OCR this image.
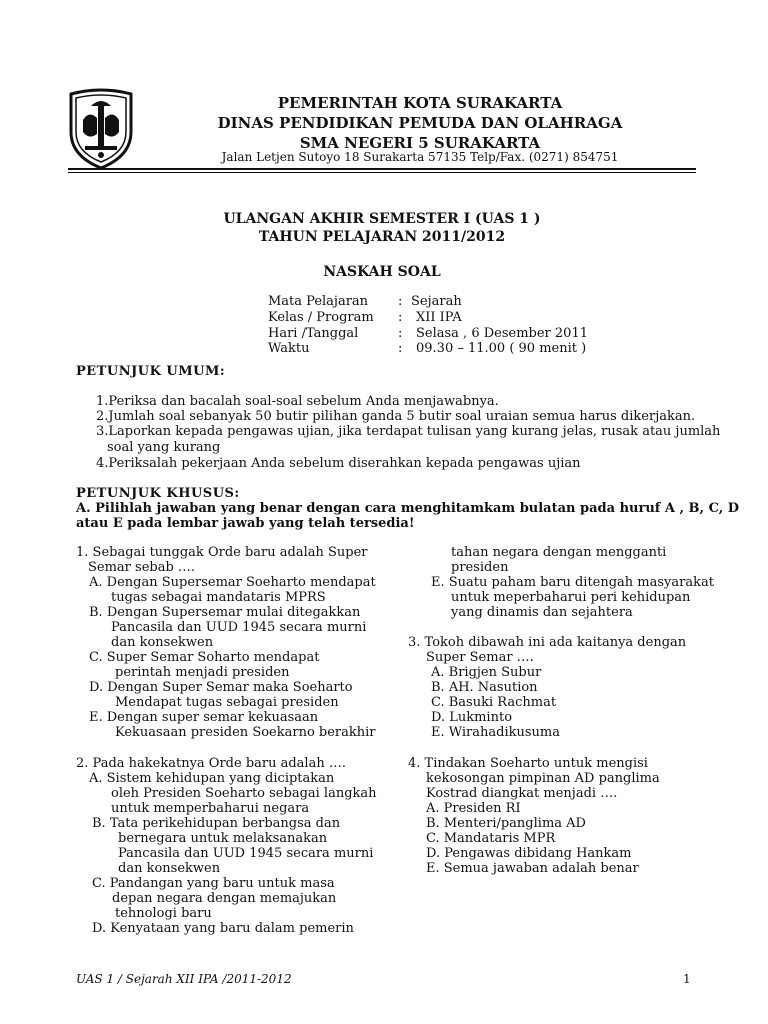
PEMERINTAH KOTA SURAKARTA
DINAS PENDIDIKAN PEMUDA DAN OLAHRAGA
SMA NEGERI 5 SURAKARTA
Jalan Letjen Sutoyo 18 Surakarta 57135 Telp/Fax. (0271) 854751
ULANGAN AKHIR SEMESTER I (UAS 1 )
TAHUN PELAJARAN 2011/2012
NASKAH SOAL
Mata Pelajaran : Sejarah
Kelas / Program : XII IPA
Hari /Tanggal	: Selasa , 6 Desember 2011
Waktu	: 09.30 – 11.00 ( 90 menit )
PETUNJUK UMUM:
1.Periksa dan bacalah soal-soal sebelum Anda menjawabnya.
2.Jumlah soal sebanyak 50 butir pilihan ganda 5 butir soal uraian semua harus dikerjakan.
3.Laporkan kepada pengawas ujian, jika terdapat tulisan yang kurang jelas, rusak atau jumlah
soal yang kurang
4.Periksalah pekerjaan Anda sebelum diserahkan kepada pengawas ujian
PETUNJUK KHUSUS:
A. Pilihlah jawaban yang benar dengan cara menghitamkam bulatan pada huruf A , B, C, D
atau E pada lembar jawab yang telah tersedia!
1. Sebagai tunggak Orde baru adalah Super
Semar sebab ….
A. Dengan Supersemar Soeharto mendapat
tugas sebagai mandataris MPRS
B. Dengan Supersemar mulai ditegakkan
Pancasila dan UUD 1945 secara murni
dan konsekwen
C. Super Semar Soharto mendapat
perintah menjadi presiden
D. Dengan Super Semar maka Soeharto
Mendapat tugas sebagai presiden
E. Dengan super semar kekuasaan
Kekuasaan presiden Soekarno berakhir
2. Pada hakekatnya Orde baru adalah ….
A. Sistem kehidupan yang diciptakan
oleh Presiden Soeharto sebagai langkah
untuk memperbaharui negara
B. Tata perikehidupan berbangsa dan
bernegara untuk melaksanakan
Pancasila dan UUD 1945 secara murni
dan konsekwen
C. Pandangan yang baru untuk masa
depan negara dengan memajukan
tehnologi baru
D. Kenyataan yang baru dalam pemerin
tahan negara dengan mengganti
presiden
E. Suatu paham baru ditengah masyarakat
untuk meperbaharui peri kehidupan
yang dinamis dan sejahtera
3. Tokoh dibawah ini ada kaitanya dengan
Super Semar ….
A. Brigjen Subur
B. AH. Nasution
C. Basuki Rachmat
D. Lukminto
E. Wirahadikusuma
4. Tindakan Soeharto untuk mengisi
kekosongan pimpinan AD panglima
Kostrad diangkat menjadi ….
A. Presiden RI
B. Menteri/panglima AD
C. Mandataris MPR
D. Pengawas dibidang Hankam
E. Semua jawaban adalah benar
UAS 1 / Sejarah XII IPA /2011-2012	1
